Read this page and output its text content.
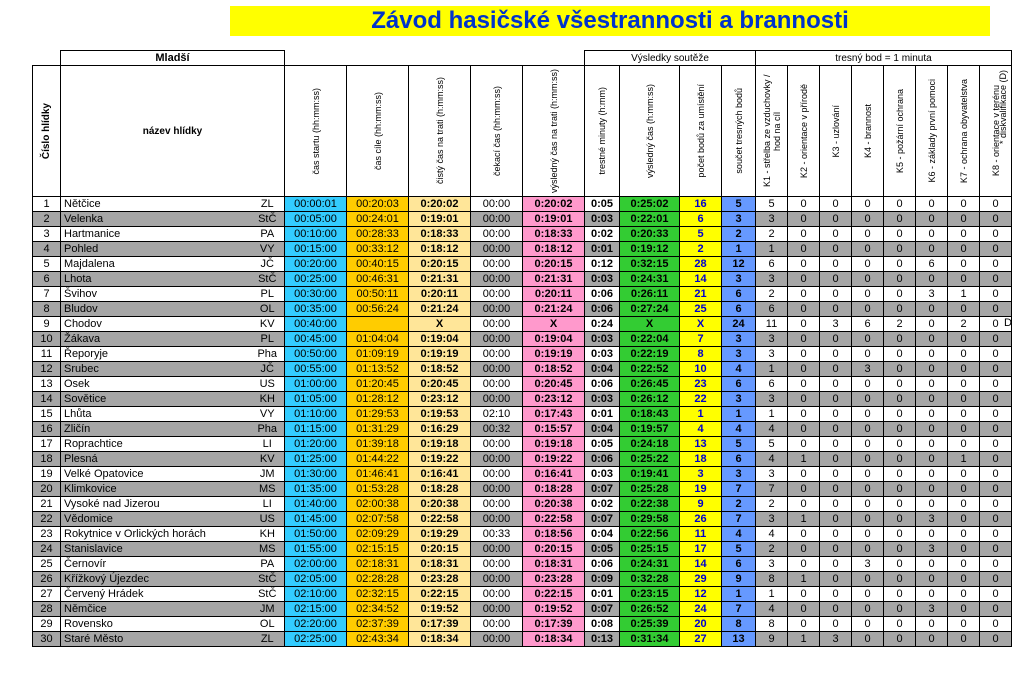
Závod hasičské všestrannosti a brannosti
	Mladší							Výsledky soutěže				tresný bod = 1 minuta							

Číslo hlídky	název hlídky		čas startu (hh:mm:ss)	čas cíle (hh:mm:ss)	čistý čas na trati (h:mm:ss)	čekací čas (hh:mm:ss)	výsledný čas na trati (h:mm:ss)	trestné minuty (h:mm)	výsledný čas (h:mm:ss)	počet bodů za umístění	součet tresných bodů	K1 - střelba ze vzduchovky / hod na cíl	K2 - orientace v přírodě	K3 - uzlování	K4 - brannost	K5 - požární ochrana	K6 - základy první pomoci	K7 - ochrana obyvatelstva	K8 - orientace v terénu

1	Nětčice	ZL	00:00:01	00:20:03	0:20:02	00:00	0:20:02	0:05	0:25:02	16	5	5	0	0	0	0	0	0	0
2	Velenka	StČ	00:05:00	00:24:01	0:19:01	00:00	0:19:01	0:03	0:22:01	6	3	3	0	0	0	0	0	0	0
3	Hartmanice	PA	00:10:00	00:28:33	0:18:33	00:00	0:18:33	0:02	0:20:33	5	2	2	0	0	0	0	0	0	0
4	Pohled	VY	00:15:00	00:33:12	0:18:12	00:00	0:18:12	0:01	0:19:12	2	1	1	0	0	0	0	0	0	0
5	Majdalena	JČ	00:20:00	00:40:15	0:20:15	00:00	0:20:15	0:12	0:32:15	28	12	6	0	0	0	0	6	0	0
6	Lhota	StČ	00:25:00	00:46:31	0:21:31	00:00	0:21:31	0:03	0:24:31	14	3	3	0	0	0	0	0	0	0
7	Švihov	PL	00:30:00	00:50:11	0:20:11	00:00	0:20:11	0:06	0:26:11	21	6	2	0	0	0	0	3	1	0
8	Bludov	OL	00:35:00	00:56:24	0:21:24	00:00	0:21:24	0:06	0:27:24	25	6	6	0	0	0	0	0	0	0
9	Chodov	KV	00:40:00		X	00:00	X	0:24	X	X	24	11	0	3	6	2	0	2	0
10	Žákava	PL	00:45:00	01:04:04	0:19:04	00:00	0:19:04	0:03	0:22:04	7	3	3	0	0	0	0	0	0	0
11	Řeporyje	Pha	00:50:00	01:09:19	0:19:19	00:00	0:19:19	0:03	0:22:19	8	3	3	0	0	0	0	0	0	0
12	Srubec	JČ	00:55:00	01:13:52	0:18:52	00:00	0:18:52	0:04	0:22:52	10	4	1	0	0	3	0	0	0	0
13	Osek	US	01:00:00	01:20:45	0:20:45	00:00	0:20:45	0:06	0:26:45	23	6	6	0	0	0	0	0	0	0
14	Sovětice	KH	01:05:00	01:28:12	0:23:12	00:00	0:23:12	0:03	0:26:12	22	3	3	0	0	0	0	0	0	0
15	Lhůta	VY	01:10:00	01:29:53	0:19:53	02:10	0:17:43	0:01	0:18:43	1	1	1	0	0	0	0	0	0	0
16	Zličín	Pha	01:15:00	01:31:29	0:16:29	00:32	0:15:57	0:04	0:19:57	4	4	4	0	0	0	0	0	0	0
17	Roprachtice	LI	01:20:00	01:39:18	0:19:18	00:00	0:19:18	0:05	0:24:18	13	5	5	0	0	0	0	0	0	0
18	Plesná	KV	01:25:00	01:44:22	0:19:22	00:00	0:19:22	0:06	0:25:22	18	6	4	1	0	0	0	0	1	0
19	Velké Opatovice	JM	01:30:00	01:46:41	0:16:41	00:00	0:16:41	0:03	0:19:41	3	3	3	0	0	0	0	0	0	0
20	Klimkovice	MS	01:35:00	01:53:28	0:18:28	00:00	0:18:28	0:07	0:25:28	19	7	7	0	0	0	0	0	0	0
21	Vysoké nad Jizerou	LI	01:40:00	02:00:38	0:20:38	00:00	0:20:38	0:02	0:22:38	9	2	2	0	0	0	0	0	0	0
22	Vědomice	US	01:45:00	02:07:58	0:22:58	00:00	0:22:58	0:07	0:29:58	26	7	3	1	0	0	0	3	0	0
23	Rokytnice v Orlických horách	KH	01:50:00	02:09:29	0:19:29	00:33	0:18:56	0:04	0:22:56	11	4	4	0	0	0	0	0	0	0
24	Stanislavice	MS	01:55:00	02:15:15	0:20:15	00:00	0:20:15	0:05	0:25:15	17	5	2	0	0	0	0	3	0	0
25	Černovír	PA	02:00:00	02:18:31	0:18:31	00:00	0:18:31	0:06	0:24:31	14	6	3	0	0	3	0	0	0	0
26	Křížkový Újezdec	StČ	02:05:00	02:28:28	0:23:28	00:00	0:23:28	0:09	0:32:28	29	9	8	1	0	0	0	0	0	0
27	Červený Hrádek	StČ	02:10:00	02:32:15	0:22:15	00:00	0:22:15	0:01	0:23:15	12	1	1	0	0	0	0	0	0	0
28	Němčice	JM	02:15:00	02:34:52	0:19:52	00:00	0:19:52	0:07	0:26:52	24	7	4	0	0	0	0	3	0	0
29	Rovensko	OL	02:20:00	02:37:39	0:17:39	00:00	0:17:39	0:08	0:25:39	20	8	8	0	0	0	0	0	0	0
30	Staré Město	ZL	02:25:00	02:43:34	0:18:34	00:00	0:18:34	0:13	0:31:34	27	13	9	1	3	0	0	0	0	0
* diskvalifikace (D)
D
